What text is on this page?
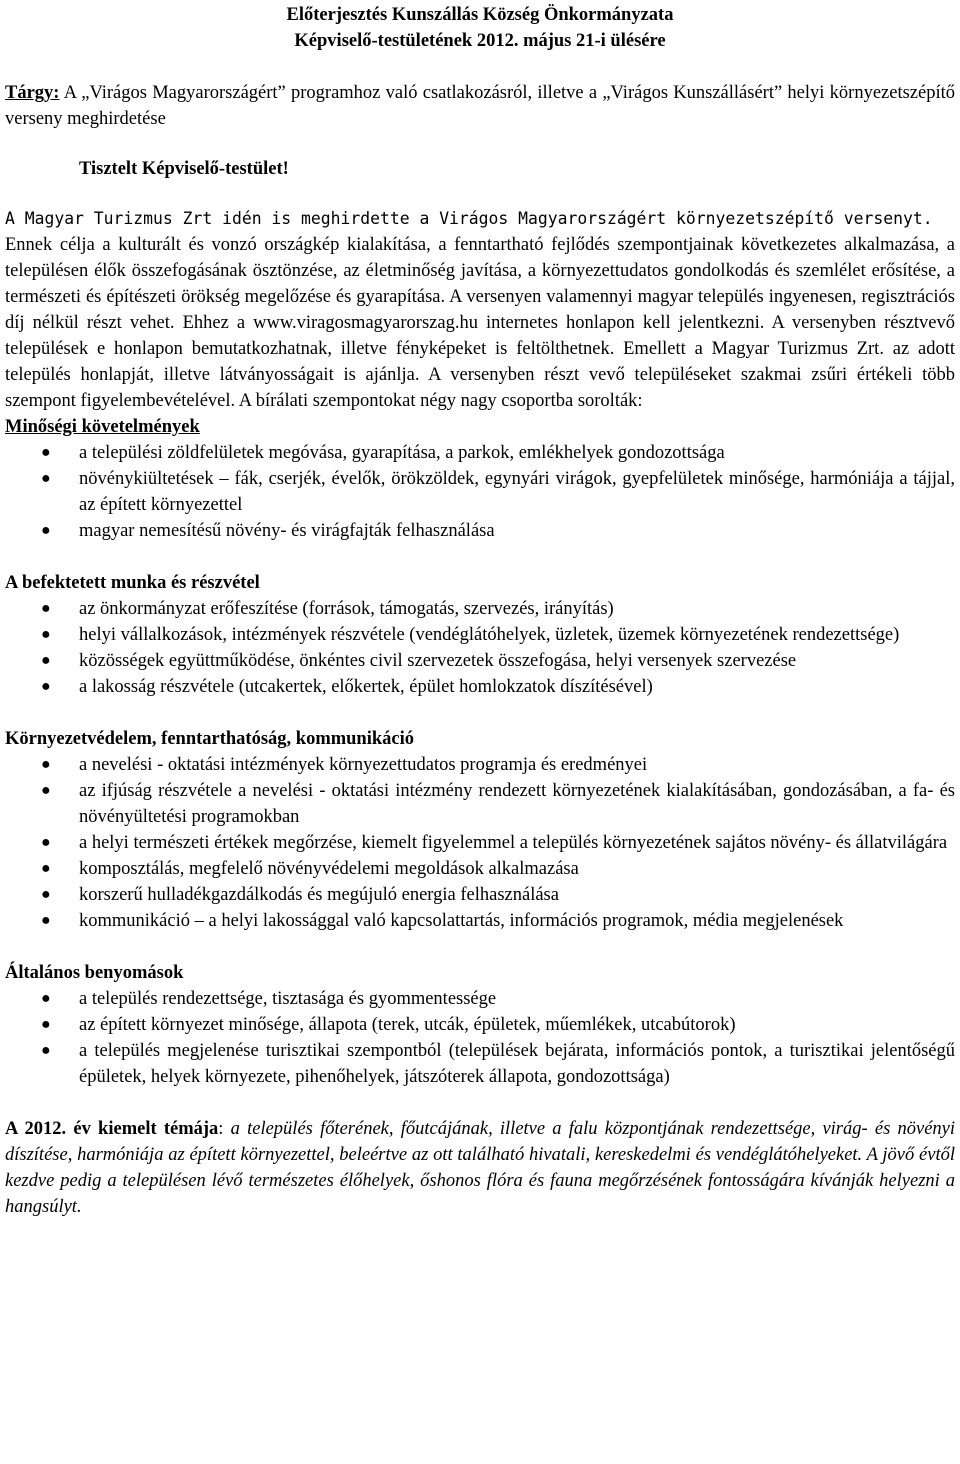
Előterjesztés Kunszállás Község Önkormányzata

Képviselő-testületének 2012. május 21-i ülésére

Tárgy: A „Virágos Magyarországért” programhoz való csatlakozásról, illetve a „Virágos Kunszállásért” helyi környezetszépítő verseny meghirdetése
Tisztelt Képviselő-testület!
A Magyar Turizmus Zrt idén is meghirdette a Virágos Magyarországért környezetszépítő versenyt.
Ennek célja a kulturált és vonzó országkép kialakítása, a fenntartható fejlődés szempontjainak következetes alkalmazása, a településen élők összefogásának ösztönzése, az életminőség javítása, a környezettudatos gondolkodás és szemlélet erősítése, a természeti és építészeti örökség megelőzése és gyarapítása. A versenyen valamennyi magyar település ingyenesen, regisztrációs díj nélkül részt vehet. Ehhez a www.viragosmagyarorszag.hu internetes honlapon kell jelentkezni. A versenyben résztvevő települések e honlapon bemutatkozhatnak, illetve fényképeket is feltölthetnek. Emellett a Magyar Turizmus Zrt. az adott település honlapját, illetve látványosságait is ajánlja. A versenyben részt vevő településeket szakmai zsűri értékeli több szempont figyelembevételével. A bírálati szempontokat négy nagy csoportba sorolták:

Minőségi követelmények

● a települési zöldfelületek megóvása, gyarapítása, a parkok, emlékhelyek gondozottsága
● növénykiültetések – fák, cserjék, évelők, örökzöldek, egynyári virágok, gyepfelületek minősége, harmóniája a tájjal, az épített környezettel
● magyar nemesítésű növény- és virágfajták felhasználása

A befektetett munka és részvétel

● az önkormányzat erőfeszítése (források, támogatás, szervezés, irányítás)
● helyi vállalkozások, intézmények részvétele (vendéglátóhelyek, üzletek, üzemek környezetének rendezettsége)
● közösségek együttműködése, önkéntes civil szervezetek összefogása, helyi versenyek szervezése
● a lakosság részvétele (utcakertek, előkertek, épület homlokzatok díszítésével)

Környezetvédelem, fenntarthatóság, kommunikáció

● a nevelési - oktatási intézmények környezettudatos programja és eredményei
● az ifjúság részvétele a nevelési - oktatási intézmény rendezett környezetének kialakításában, gondozásában, a fa- és növényültetési programokban
● a helyi természeti értékek megőrzése, kiemelt figyelemmel a település környezetének sajátos növény- és állatvilágára
● komposztálás, megfelelő növényvédelemi megoldások alkalmazása
● korszerű hulladékgazdálkodás és megújuló energia felhasználása
● kommunikáció – a helyi lakossággal való kapcsolattartás, információs programok, média megjelenések

Általános benyomások

● a település rendezettsége, tisztasága és gyommentessége
● az épített környezet minősége, állapota (terek, utcák, épületek, műemlékek, utcabútorok)
● a település megjelenése turisztikai szempontból (települések bejárata, információs pontok, a turisztikai jelentőségű épületek, helyek környezete, pihenőhelyek, játszóterek állapota, gondozottsága)
A 2012. év kiemelt témája: a település főterének, főutcájának, illetve a falu központjának rendezettsége, virág- és növényi díszítése, harmóniája az épített környezettel, beleértve az ott található hivatali, kereskedelmi és vendéglátóhelyeket. A jövő évtől kezdve pedig a településen lévő természetes élőhelyek, őshonos flóra és fauna megőrzésének fontosságára kívánják helyezni a hangsúlyt.
